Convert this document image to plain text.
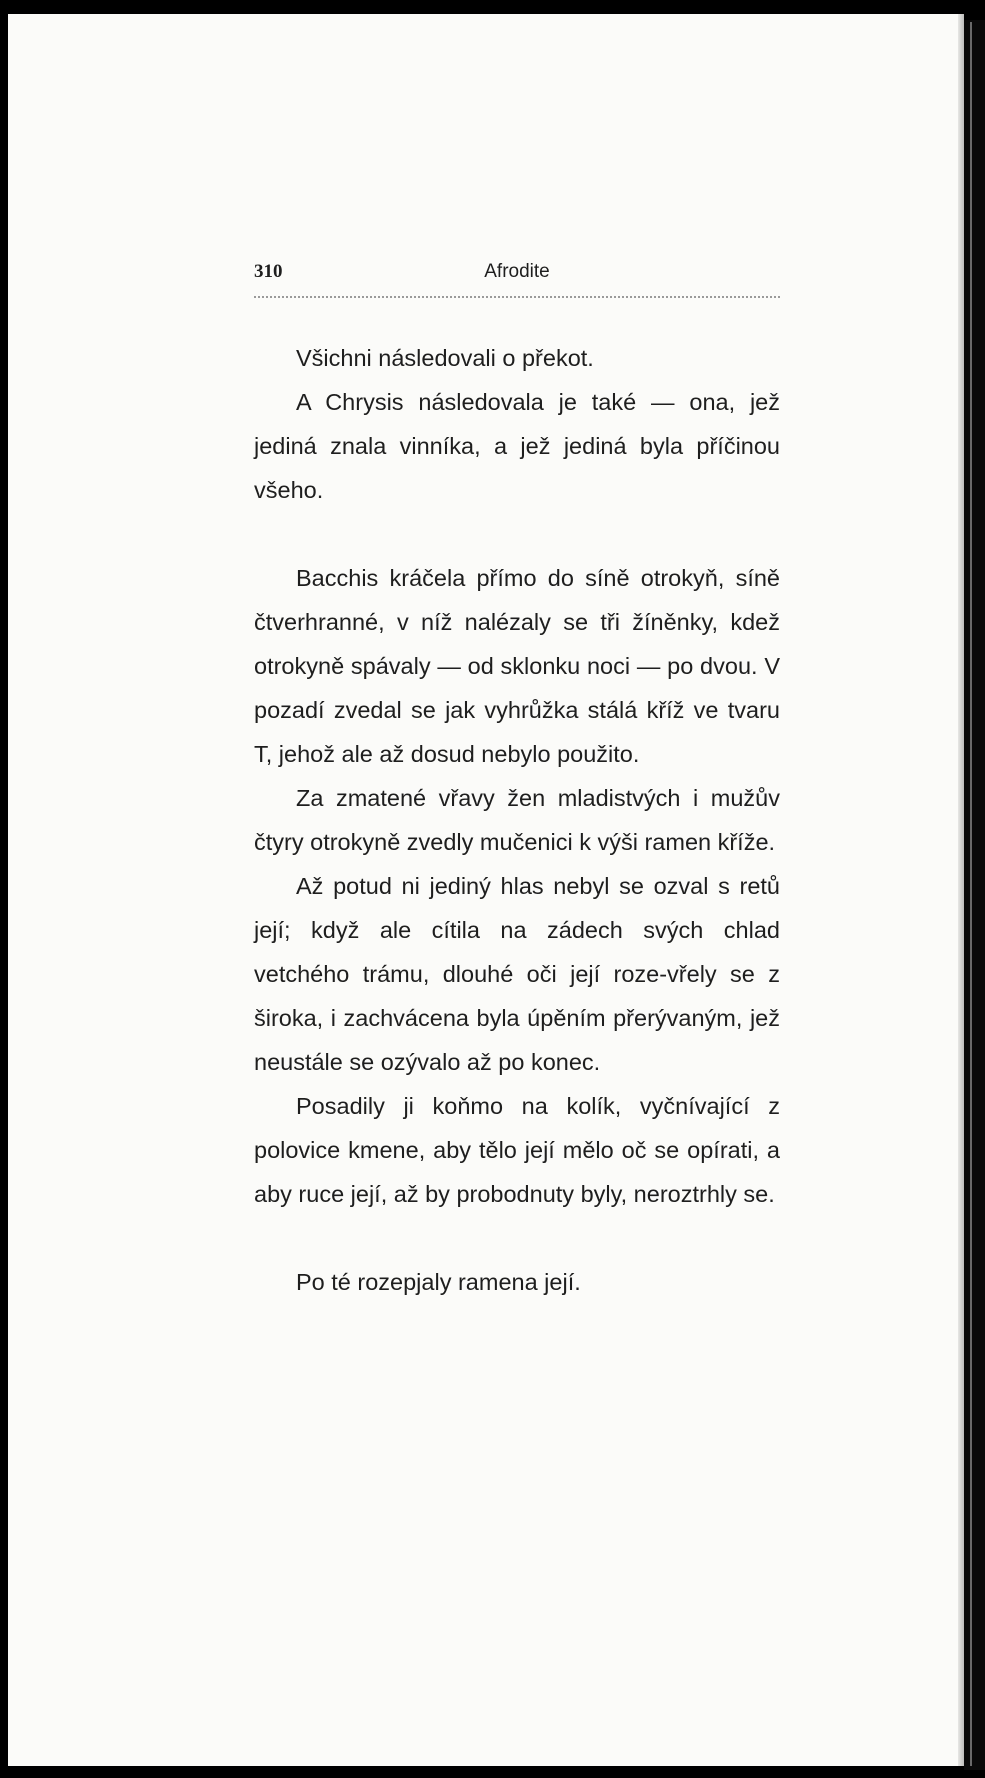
310	Afrodite

Všichni následovali o překot.

A Chrysis následovala je také — ona, jež jediná znala vinníka, a jež jediná byla příčinou všeho.

Bacchis kráčela přímo do síně otrokyň, síně čtverhranné, v níž nalézaly se tři žíněnky, kdež otrokyně spávaly — od sklonku noci — po dvou. V pozadí zvedal se jak vyhrůžka stálá kříž ve tvaru T, jehož ale až dosud nebylo použito.

Za zmatené vřavy žen mladistvých i mužův čtyry otrokyně zvedly mučenici k výši ramen kříže.

Až potud ni jediný hlas nebyl se ozval s retů její; když ale cítila na zádech svých chlad vetchého trámu, dlouhé oči její roze-vřely se z široka, i zachvácena byla úpěním přerývaným, jež neustále se ozývalo až po konec.

Posadily ji koňmo na kolík, vyčnívající z polovice kmene, aby tělo její mělo oč se opírati, a aby ruce její, až by probodnuty byly, neroztrhly se.

Po té rozepjaly ramena její.
